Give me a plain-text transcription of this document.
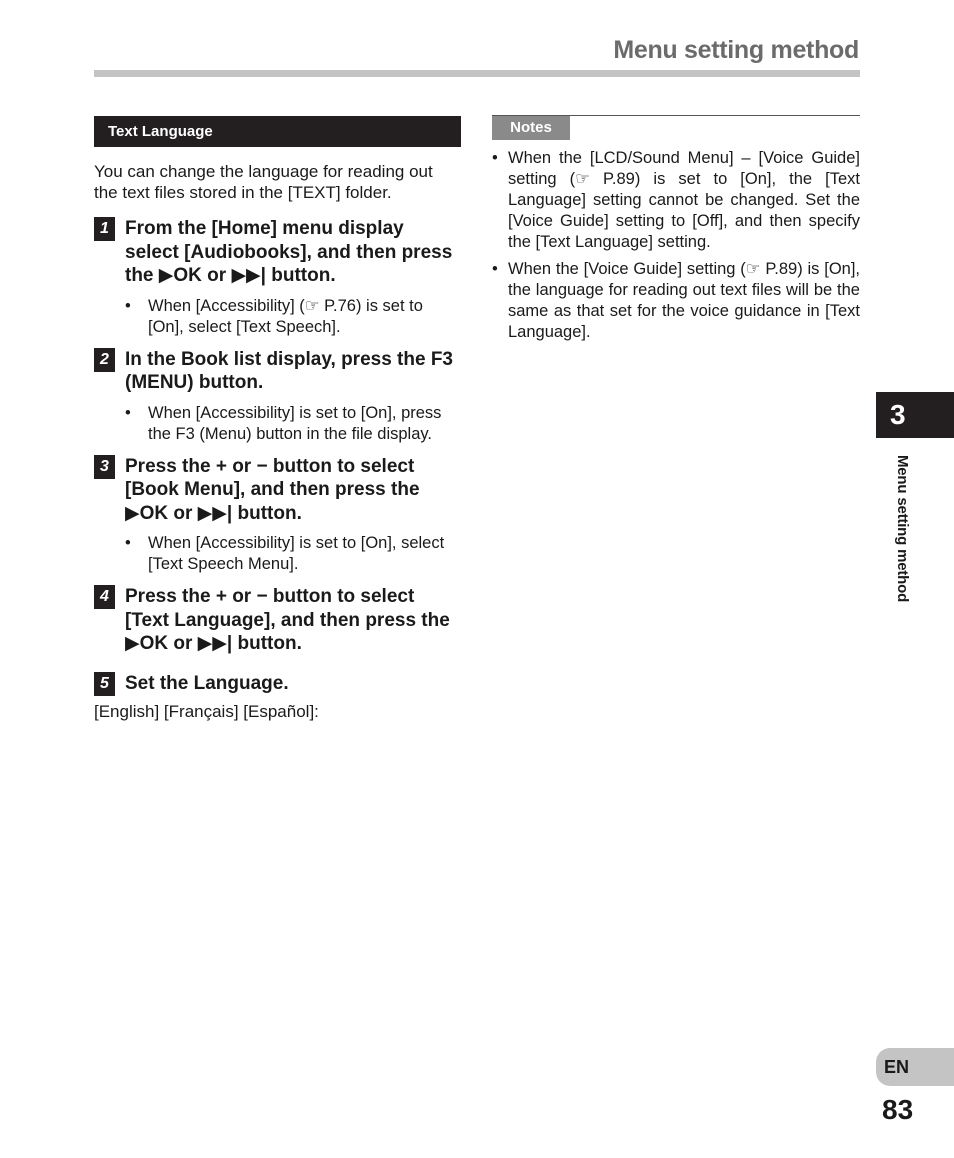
Menu setting method
Text Language
You can change the language for reading out the text files stored in the [TEXT] folder.
1 From the [Home] menu display select [Audiobooks], and then press the ▶OK or ▶▶| button.
• When [Accessibility] (☞ P.76) is set to [On], select [Text Speech].
2 In the Book list display, press the F3 (MENU) button.
• When [Accessibility] is set to [On], press the F3 (Menu) button in the file display.
3 Press the + or − button to select [Book Menu], and then press the ▶OK or ▶▶| button.
• When [Accessibility] is set to [On], select [Text Speech Menu].
4 Press the + or − button to select [Text Language], and then press the ▶OK or ▶▶| button.
5 Set the Language.
[English] [Français] [Español]:
Notes
• When the [LCD/Sound Menu] – [Voice Guide] setting (☞ P.89) is set to [On], the [Text Language] setting cannot be changed. Set the [Voice Guide] setting to [Off], and then specify the [Text Language] setting.
• When the [Voice Guide] setting (☞ P.89) is [On], the language for reading out text files will be the same as that set for the voice guidance in [Text Language].
3
Menu setting method
EN
83
